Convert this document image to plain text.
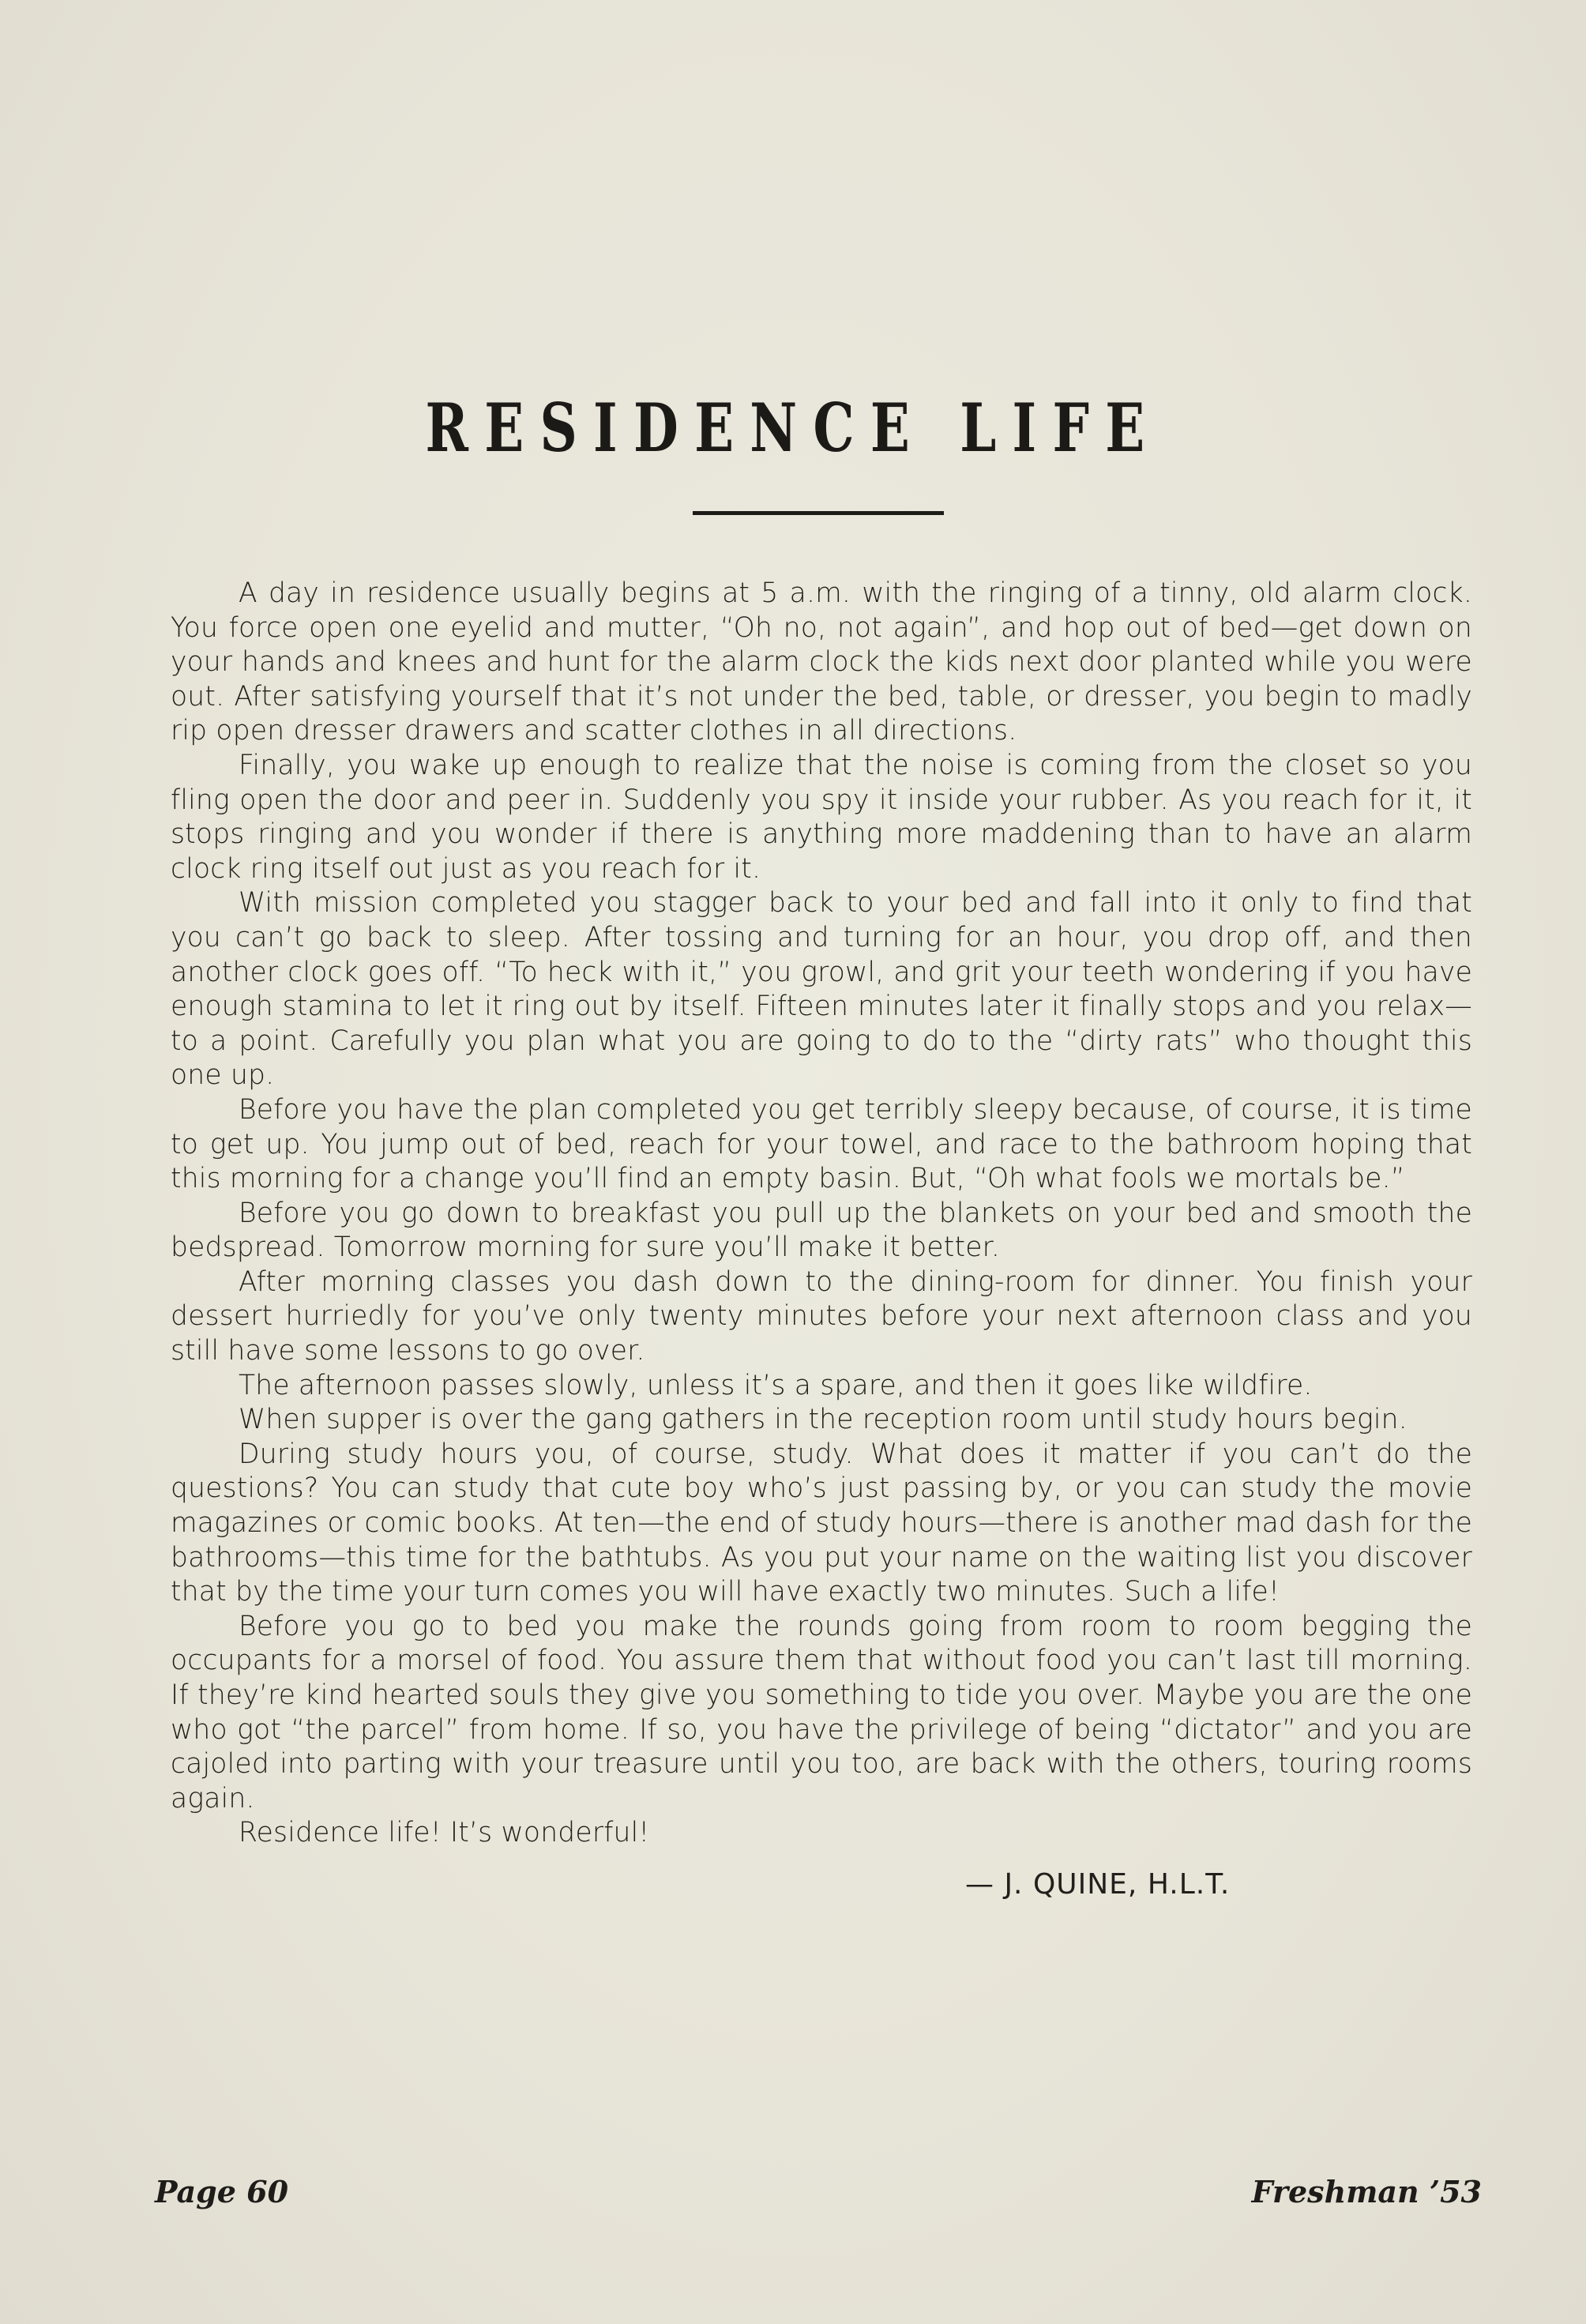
RESIDENCE LIFE

A day in residence usually begins at 5 a.m. with the ringing of a tinny, old alarm clock. You force open one eyelid and mutter, “Oh no, not again”, and hop out of bed—get down on your hands and knees and hunt for the alarm clock the kids next door planted while you were out. After satisfying yourself that it’s not under the bed, table, or dresser, you begin to madly rip open dresser drawers and scatter clothes in all directions.

Finally, you wake up enough to realize that the noise is coming from the closet so you fling open the door and peer in. Suddenly you spy it inside your rubber. As you reach for it, it stops ringing and you wonder if there is anything more maddening than to have an alarm clock ring itself out just as you reach for it.

With mission completed you stagger back to your bed and fall into it only to find that you can’t go back to sleep. After tossing and turning for an hour, you drop off, and then another clock goes off. “To heck with it,” you growl, and grit your teeth wondering if you have enough stamina to let it ring out by itself. Fifteen minutes later it finally stops and you relax—to a point. Carefully you plan what you are going to do to the “dirty rats” who thought this one up.

Before you have the plan completed you get terribly sleepy because, of course, it is time to get up. You jump out of bed, reach for your towel, and race to the bathroom hoping that this morning for a change you’ll find an empty basin. But, “Oh what fools we mortals be.”

Before you go down to breakfast you pull up the blankets on your bed and smooth the bedspread. Tomorrow morning for sure you’ll make it better.

After morning classes you dash down to the dining-room for dinner. You finish your dessert hurriedly for you’ve only twenty minutes before your next afternoon class and you still have some lessons to go over.

The afternoon passes slowly, unless it’s a spare, and then it goes like wildfire.

When supper is over the gang gathers in the reception room until study hours begin.

During study hours you, of course, study. What does it matter if you can’t do the questions? You can study that cute boy who’s just passing by, or you can study the movie magazines or comic books. At ten—the end of study hours—there is another mad dash for the bathrooms—this time for the bathtubs. As you put your name on the waiting list you discover that by the time your turn comes you will have exactly two minutes. Such a life!

Before you go to bed you make the rounds going from room to room begging the occupants for a morsel of food. You assure them that without food you can’t last till morning. If they’re kind hearted souls they give you something to tide you over. Maybe you are the one who got “the parcel” from home. If so, you have the privilege of being “dictator” and you are cajoled into parting with your treasure until you too, are back with the others, touring rooms again.

Residence life! It’s wonderful!

— J. QUINE, H.L.T.
Page 60	Freshman ’53
